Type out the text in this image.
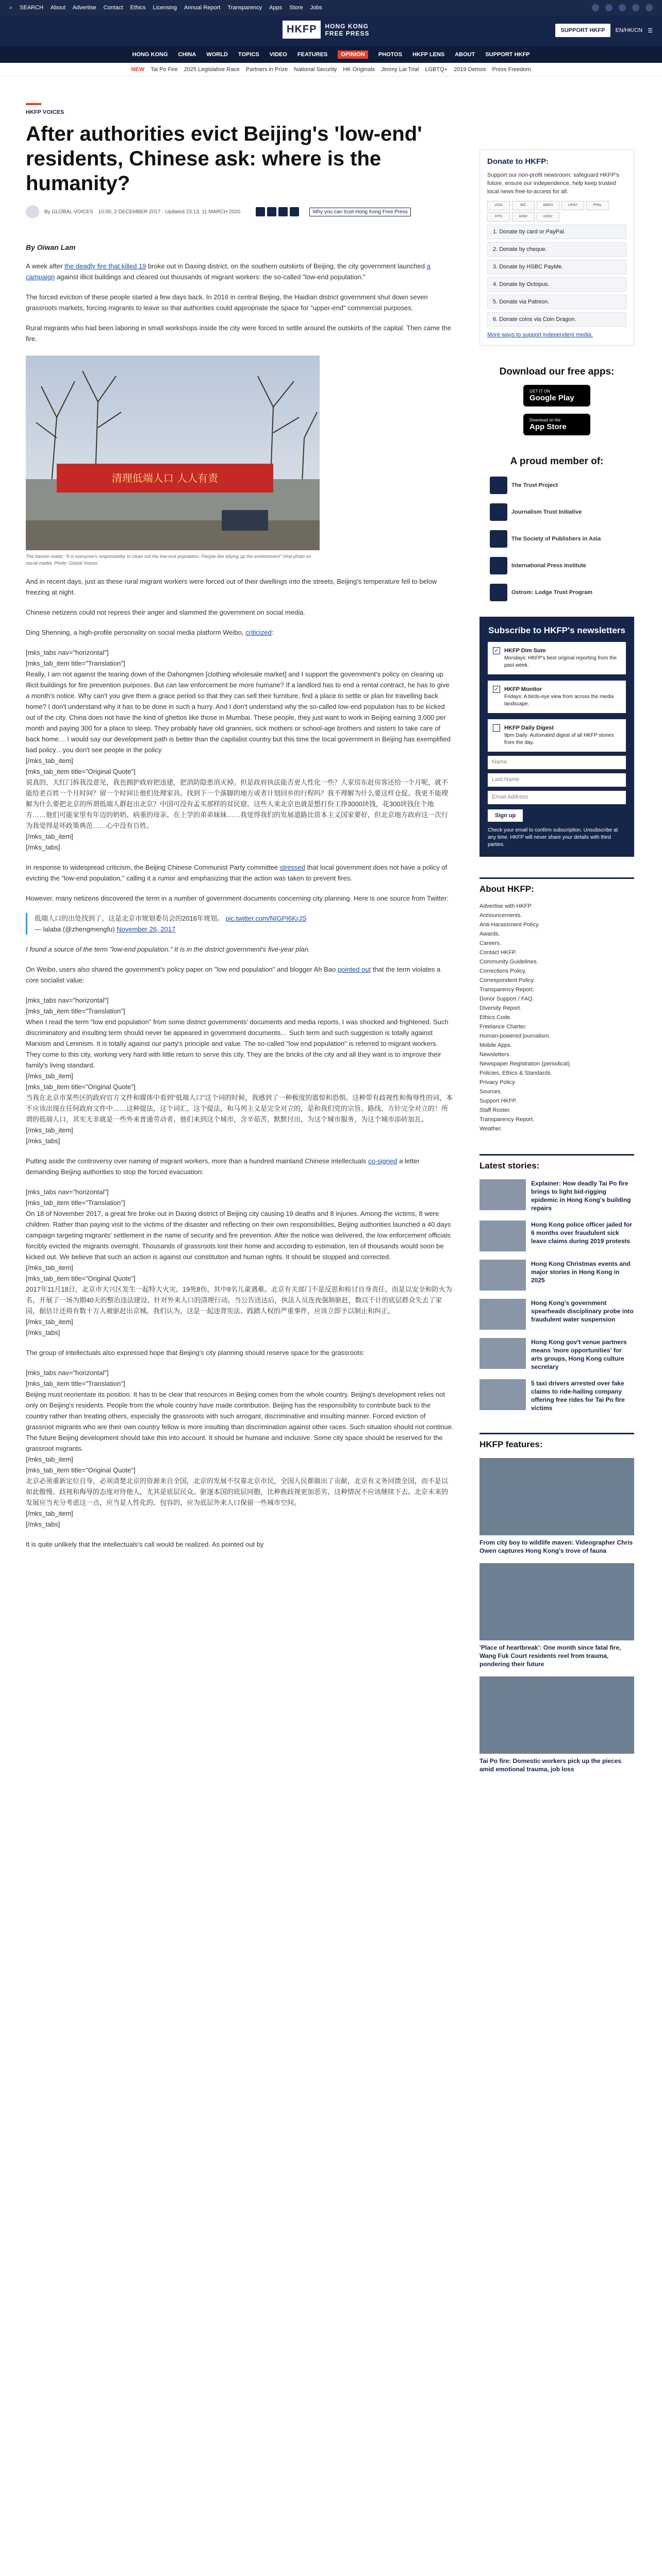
⌕ SEARCH About Advertise Contact Ethics Licensing Annual Report Transparency Apps Store Jobs
HKFP	HONG KONG
FREE PRESS	SUPPORT HKFP	EN/HK/CN ☰
HONG KONG CHINA WORLD TOPICS VIDEO FEATURES	OPINION	PHOTOS HKFP LENS ABOUT SUPPORT HKFP
NEW Tai Po Fire 2025 Legislative Race Partners in Prize National Security HK Originals Jimmy Lai Trial LGBTQ+ 2019 Demos Press Freedom
HKFP VOICES
After authorities evict Beijing's 'low-end' residents, Chinese ask: where is the humanity?
By GLOBAL VOICES 10:00, 2 DECEMBER 2017 · Updated 23:13, 11 MARCH 2020	Why you can trust Hong Kong Free Press
By Oiwan Lam

A week after the deadly fire that killed 19 broke out in Daxing district, on the southern outskirts of Beijing, the city government launched a campaign against illicit buildings and cleared out thousands of migrant workers: the so-called "low-end population."

The forced eviction of these people started a few days back. In 2016 in central Beijing, the Haidian district government shut down seven grassroots markets, forcing migrants to leave so that authorities could appropriate the space for "upper-end" commercial purposes.

Rural migrants who had been laboring in small workshops inside the city were forced to settle around the outskirts of the capital. Then came the fire.

清理低端人口 人人有责
The banner reads: "It is everyone's responsibility to clean out the low-end population. People like tidying up the environment" Viral photo on social media. Photo: Global Voices.

And in recent days, just as these rural migrant workers were forced out of their dwellings into the streets, Beijing's temperature fell to below freezing at night.

Chinese netizens could not repress their anger and slammed the government on social media.

Ding Shenning, a high-profile personality on social media platform Weibo, criticized:

[mks_tabs nav="horizontal"]
[mks_tab_item title="Translation"]
Really, I am not against the tearing down of the Dahongmen [clothing wholesale market] and I support the government's policy on clearing up illicit buildings for fire prevention purposes. But can law enforcement be more humane? If a landlord has to end a rental contract, he has to give a month's notice. Why can't you give them a grace period so that they can sell their furniture, find a place to settle or plan for travelling back home? I don't understand why it has to be done in such a hurry. And I don't understand why the so-called low-end population has to be kicked out of the city. China does not have the kind of ghettos like those in Mumbai. These people, they just want to work in Beijing earning 3,000 per month and paying 300 for a place to sleep. They probably have old grannies, sick mothers or school-age brothers and sisters to take care of back home… I would say our development path is better than the capitalist country but this time the local government in Beijing has exemplified bad policy…you don't see people in the policy
[/mks_tab_item]
[mks_tab_item title="Original Quote"]
说真的，大红门拆我没意见，我也拥护政府把违建，把消防隐患消灭掉。但是政府执法能否更人性化一些？人家房东赶房客还给一个月呢，就不能给老百姓一个月时间？留一个时间让他们处理家具、找到下一个落脚的地方或者计划回乡的行程吗？我不理解为什么要这样仓促。我更不能理解为什么要把北京的所谓低端人群赶出北京？中国可没有孟买那样的贫民窟。这些人来北京也就是想打份工挣3000块钱，花300块钱住个地方……他们可能家里有年迈的奶奶、病重的母亲、在上学的弟弟妹妹……我觉得我们的发展道路比资本主义国家要好，但北京地方政府这一次行为我觉得是坏政策典范……心中没有百姓。
[/mks_tab_item]
[/mks_tabs]

In response to widespread criticism, the Beijing Chinese Communist Party committee stressed that local government does not have a policy of evicting the "low-end population," calling it a rumor and emphasizing that the action was taken to prevent fires.

However, many netizens discovered the term in a number of government documents concerning city planning. Here is one source from Twitter:

低端人口的出处找到了，这是北京市规划委员会的2016年规划。 pic.twitter.com/NIGPI6KrJS
— lalaba (@zhengmengfu) November 26, 2017

I found a source of the term "low-end population." It is in the district government's five-year plan.

On Weibo, users also shared the government's policy paper on "low end population" and blogger Ah Bao pointed out that the term violates a core socialist value:

[mks_tabs nav="horizontal"]
[mks_tab_item title="Translation"]
When I read the term "low end population" from some district governments' documents and media reports, I was shocked and frightened. Such discriminatory and insulting term should never be appeared in government documents… Such term and such suggestion is totally against Marxism and Leninism. It is totally against our party's principle and value. The so-called "low end population" is referred to migrant workers. They come to this city, working very hard with little return to serve this city. They are the bricks of the city and all they want is to improve their family's living standard.
[/mks_tab_item]
[mks_tab_item title="Original Quote"]
当我在北京市某些区的政府官方文件和媒体中看到"低端人口"这个词的时候，我感到了一种极度的震惊和恐惧。这种带有歧视性和侮辱性的词，本不应该出现在任何政府文件中……这种提法，这个词汇，这个提法，和马列主义是完全对立的，是和我们党的宗旨、路线、方针完全对立的！所谓的低端人口，其实无非就是一些外来普通劳动者，他们来到这个城市，含辛茹苦，默默付出，为这个城市服务，为这个城市添砖加瓦。
[/mks_tab_item]
[/mks_tabs]

Putting aside the controversy over naming of migrant workers, more than a hundred mainland Chinese intellectuals co-signed a letter demanding Beijing authorities to stop the forced evacuation:

[mks_tabs nav="horizontal"]
[mks_tab_item title="Translation"]
On 18 of November 2017, a great fire broke out in Daxing district of Beijing city causing 19 deaths and 8 injuries. Among the victims, 8 were children. Rather than paying visit to the victims of the disaster and reflecting on their own responsibilities, Beijing authorities launched a 40 days campaign targeting migrants' settlement in the name of security and fire prevention. After the notice was delivered, the low enforcement officials forcibly evicted the migrants overnight. Thousands of grassroots lost their home and according to estimation, ten of thousands would soon be kicked out. We believe that such an action is against our constitution and human rights. It should be stopped and corrected.
[/mks_tab_item]
[mks_tab_item title="Original Quote"]
2017年11月18日，北京市大兴区发生一起特大火灾，19死8伤，其中8名儿童遇难。北京有关部门不是反思和检讨自身责任，而是以安全和防火为名，开展了一场为期40天的整治违法建设、针对外来人口的清理行动。当公告送达后，执法人员连夜强制驱赶，数以千计的底层群众失去了家园，据估计还将有数十万人被驱赶出京城。我们认为，这是一起违背宪法、践踏人权的严重事件，应该立即予以制止和纠正。
[/mks_tab_item]
[/mks_tabs]

The group of intellectuals also expressed hope that Beijing's city planning should reserve space for the grassroots:

[mks_tabs nav="horizontal"]
[mks_tab_item title="Translation"]
Beijing must reorientate its position. It has to be clear that resources in Beijing comes from the whole country. Beijing's development relies not only on Beijing's residents. People from the whole country have made contribution. Beijing has the responsibility to contribute back to the country rather than treating others, especially the grassroots with such arrogant, discriminative and insulting manner. Forced eviction of grassroot migrants who are their own country fellow is more insulting than discrimination against other races. Such situation should not continue. The future Beijing development should take this into account. It should be humane and inclusive. Some city space should be reserved for the grassroot migrants.
[/mks_tab_item]
[mks_tab_item title="Original Quote"]
北京必须重新定位自身，必须清楚北京的资源来自全国，北京的发展不仅靠北京市民，全国人民都做出了贡献，北京有义务回馈全国，而不是以如此傲慢、歧视和侮辱的态度对待他人，尤其是底层民众。驱逐本国的底层同胞，比种族歧视更加恶劣，这种情况不应该继续下去。北京未来的发展应当充分考虑这一点，应当是人性化的、包容的，应为底层外来人口保留一些城市空间。
[/mks_tab_item]
[/mks_tabs]

It is quite unlikely that the intellectuals's call would be realized. As pointed out by

Donate to HKFP:
Support our non-profit newsroom: safeguard HKFP's future, ensure our independence, help keep trusted local news free-to-access for all.
VISA	MC	AMEX	UPAY	PPAL
FPS	APAY	GPAY
1. Donate by card or PayPal.
2. Donate by cheque.
3. Donate by HSBC PayMe.
4. Donate by Octopus.
5. Donate via Patreon.
6. Donate coins via Coin Dragon.
More ways to support independent media.
Download our free apps:
GET IT ON
Google Play
Download on the
App Store
A proud member of:
The Trust Project
Journalism Trust Initiative
The Society of Publishers in Asia
International Press Institute
Ostrom: Lodge Trust Program
Subscribe to HKFP's newsletters
✓ HKFP Dim Sum
Mondays: HKFP's best original reporting from the past week.
✓ HKFP Monitor
Fridays: A birds-eye view from across the media landscape.
HKFP Daily Digest
9pm Daily: Automated digest of all HKFP stories from the day.
Name
Last Name
Email Address
Sign up
Check your email to confirm subscription. Unsubscribe at any time. HKFP will never share your details with third parties.
About HKFP:
Advertise with HKFP.
Announcements.
Anti-Harassment Policy.
Awards.
Careers.
Contact HKFP.
Community Guidelines.
Corrections Policy.
Correspondent Policy.
Transparency Report.
Donor Support / FAQ.
Diversity Report.
Ethics Code.
Freelance Charter.
Human-powered journalism.
Mobile Apps.
Newsletters.
Newspaper Registration (periodical).
Policies, Ethics & Standards.
Privacy Policy.
Sources.
Support HKFP.
Staff Roster.
Transparency Report.
Weather.
Latest stories:
Explainer: How deadly Tai Po fire brings to light bid-rigging epidemic in Hong Kong's building repairs
Hong Kong police officer jailed for 6 months over fraudulent sick leave claims during 2019 protests
Hong Kong Christmas events and major stories in Hong Kong in 2025
Hong Kong's government spearheads disciplinary probe into fraudulent water suspension
Hong Kong gov't venue partners means 'more opportunities' for arts groups, Hong Kong culture secretary
5 taxi drivers arrested over fake claims to ride-hailing company offering free rides for Tai Po fire victims
HKFP features:
From city boy to wildlife maven: Videographer Chris Owen captures Hong Kong's trove of fauna
'Place of heartbreak': One month since fatal fire, Wang Fuk Court residents reel from trauma, pondering their future
Tai Po fire: Domestic workers pick up the pieces amid emotional trauma, job loss
